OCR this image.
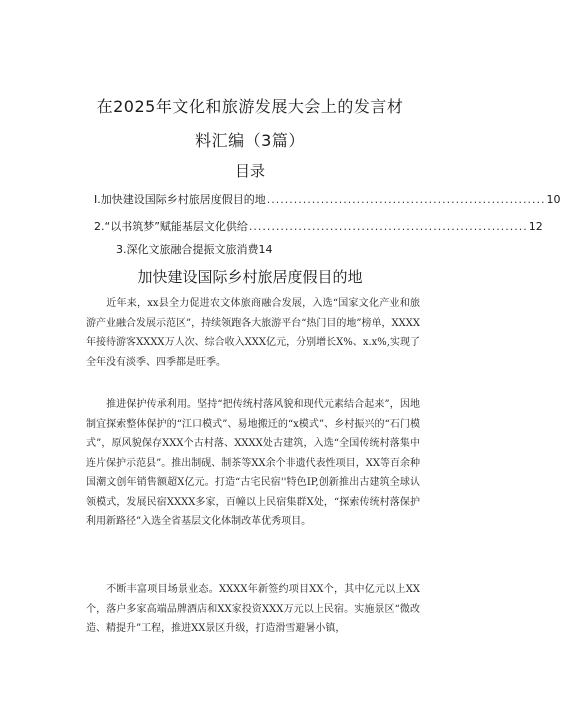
在2025年文化和旅游发展大会上的发言材
料汇编（3篇）
目录
I.加快建设国际乡村旅居度假目的地 .............................................................. 10
2.“以书筑梦”赋能基层文化供给 .............................................................. 12
3.深化文旅融合提振文旅消费14
加快建设国际乡村旅居度假目的地

近年来，xx县全力促进农文体旅商融合发展，入选“国家文化产业和旅游产业融合发展示范区”，持续领跑各大旅游平台“热门目的地”榜单，XXXX年接待游客XXXX万人次、综合收入XXX亿元，分别增长X%、x.x%,实现了全年没有淡季、四季都是旺季。

推进保护传承利用。坚持“把传统村落风貌和现代元素结合起来”，因地制宜探索整体保护的“江口模式”、易地搬迁的“x模式”、乡村振兴的“石门模式”，原风貌保存XXX个古村落、XXXX处古建筑，入选“全国传统村落集中连片保护示范县”。推出制砚、制茶等XX余个非遗代表性项目，XX等百余种国潮文创年销售额超X亿元。打造“古宅民宿''特色IP,创新推出古建筑全球认领模式，发展民宿XXXX多家，百幢以上民宿集群X处，“探索传统村落保护利用新路径”入选全省基层文化体制改革优秀项目。

不断丰富项目场景业态。XXXX年新签约项目XX个，其中亿元以上XX个，落户多家高端品牌酒店和XX家投资XXX万元以上民宿。实施景区“微改造、精提升”工程，推进XX景区升级，打造滑雪避暑小镇，
